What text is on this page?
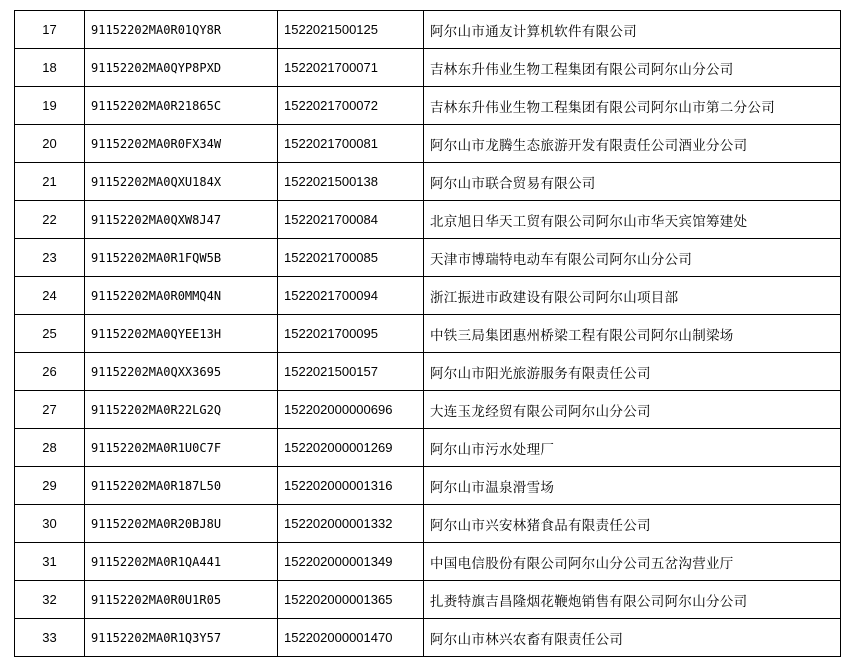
17	91152202MA0R01QY8R	1522021500125	阿尔山市通友计算机软件有限公司
18	91152202MA0QYP8PXD	1522021700071	吉林东升伟业生物工程集团有限公司阿尔山分公司
19	91152202MA0R21865C	1522021700072	吉林东升伟业生物工程集团有限公司阿尔山市第二分公司
20	91152202MA0R0FX34W	1522021700081	阿尔山市龙腾生态旅游开发有限责任公司酒业分公司
21	91152202MA0QXU184X	1522021500138	阿尔山市联合贸易有限公司
22	91152202MA0QXW8J47	1522021700084	北京旭日华天工贸有限公司阿尔山市华天宾馆筹建处
23	91152202MA0R1FQW5B	1522021700085	天津市博瑞特电动车有限公司阿尔山分公司
24	91152202MA0R0MMQ4N	1522021700094	浙江振进市政建设有限公司阿尔山项目部
25	91152202MA0QYEE13H	1522021700095	中铁三局集团惠州桥梁工程有限公司阿尔山制梁场
26	91152202MA0QXX3695	1522021500157	阿尔山市阳光旅游服务有限责任公司
27	91152202MA0R22LG2Q	152202000000696	大连玉龙经贸有限公司阿尔山分公司
28	91152202MA0R1U0C7F	152202000001269	阿尔山市污水处理厂
29	91152202MA0R187L50	152202000001316	阿尔山市温泉滑雪场
30	91152202MA0R20BJ8U	152202000001332	阿尔山市兴安林猪食品有限责任公司
31	91152202MA0R1QA441	152202000001349	中国电信股份有限公司阿尔山分公司五岔沟营业厅
32	91152202MA0R0U1R05	152202000001365	扎赉特旗吉昌隆烟花鞭炮销售有限公司阿尔山分公司
33	91152202MA0R1Q3Y57	152202000001470	阿尔山市林兴农畜有限责任公司
